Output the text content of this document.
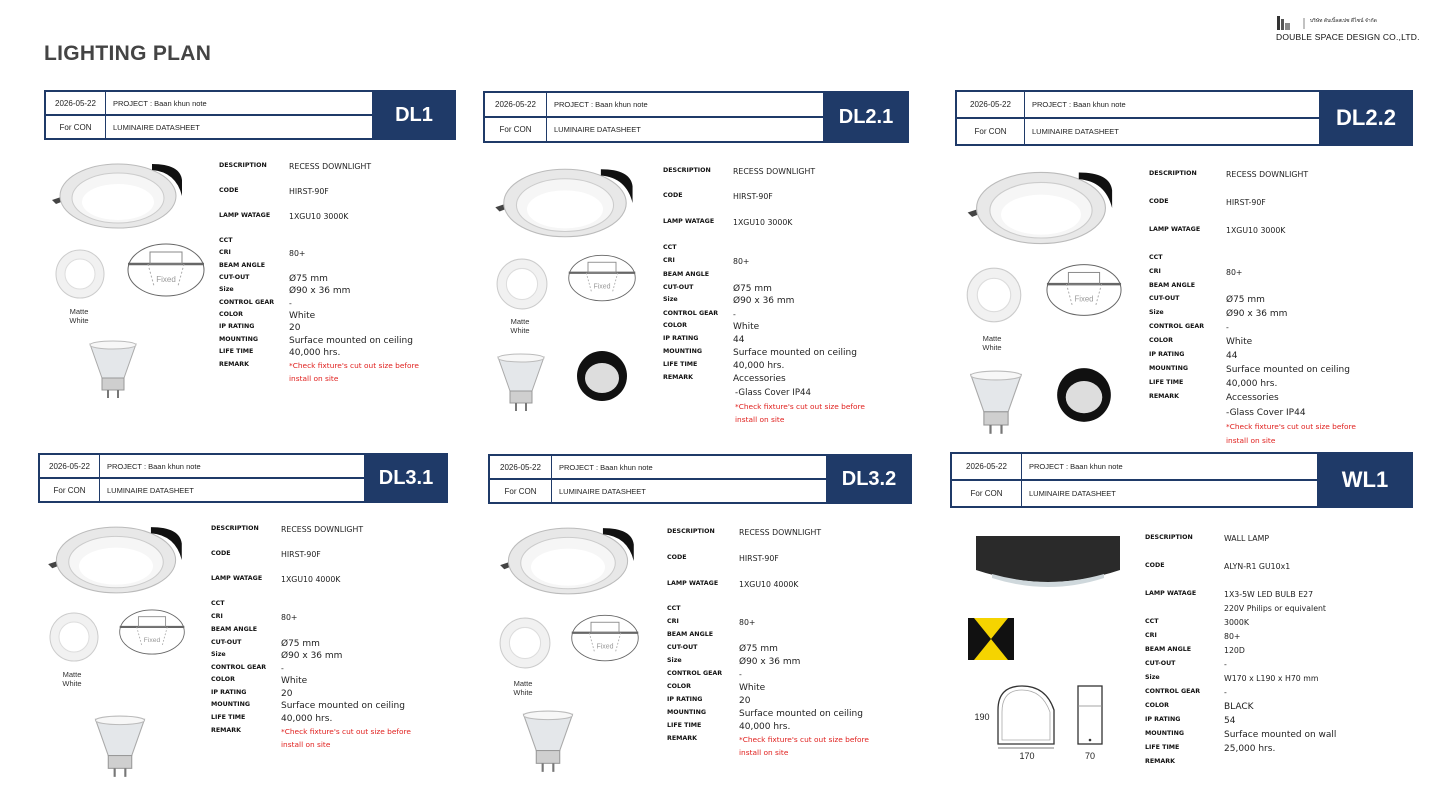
LIGHTING PLAN
บริษัท ดับเบิ้ลสเปซ ดีไซน์ จำกัด
DOUBLE SPACE DESIGN CO.,LTD.
2026-05-22	PROJECT : Baan khun note
For CON	LUMINAIRE DATASHEET
DL1
Matte
White
Fixed
DESCRIPTION	RECESS DOWNLIGHT
CODE	HIRST-90F
LAMP WATAGE	1XGU10 3000K
CCT
CRI	80+
BEAM ANGLE
CUT-OUT	Ø75 mm
Size	Ø90 x 36 mm
CONTROL GEAR	-
COLOR	White
IP RATING	20
MOUNTING	Surface mounted on ceiling
LIFE TIME	40,000 hrs.
REMARK	*Check fixture's cut out size before
install on site
2026-05-22	PROJECT : Baan khun note
For CON	LUMINAIRE DATASHEET
DL2.1
Matte
White
Fixed
DESCRIPTION	RECESS DOWNLIGHT
CODE	HIRST-90F
LAMP WATAGE	1XGU10 3000K
CCT
CRI	80+
BEAM ANGLE
CUT-OUT	Ø75 mm
Size	Ø90 x 36 mm
CONTROL GEAR	-
COLOR	White
IP RATING	44
MOUNTING	Surface mounted on ceiling
LIFE TIME	40,000 hrs.
REMARK	Accessories
-Glass Cover IP44
*Check fixture's cut out size before
install on site
2026-05-22	PROJECT : Baan khun note
For CON	LUMINAIRE DATASHEET
DL2.2
Matte
White
Fixed
DESCRIPTION	RECESS DOWNLIGHT
CODE	HIRST-90F
LAMP WATAGE	1XGU10 3000K
CCT
CRI	80+
BEAM ANGLE
CUT-OUT	Ø75 mm
Size	Ø90 x 36 mm
CONTROL GEAR	-
COLOR	White
IP RATING	44
MOUNTING	Surface mounted on ceiling
LIFE TIME	40,000 hrs.
REMARK	Accessories
-Glass Cover IP44
*Check fixture's cut out size before
install on site
2026-05-22	PROJECT : Baan khun note
For CON	LUMINAIRE DATASHEET
DL3.1
Matte
White
Fixed
DESCRIPTION	RECESS DOWNLIGHT
CODE	HIRST-90F
LAMP WATAGE	1XGU10 4000K
CCT
CRI	80+
BEAM ANGLE
CUT-OUT	Ø75 mm
Size	Ø90 x 36 mm
CONTROL GEAR	-
COLOR	White
IP RATING	20
MOUNTING	Surface mounted on ceiling
LIFE TIME	40,000 hrs.
REMARK	*Check fixture's cut out size before
install on site
2026-05-22	PROJECT : Baan khun note
For CON	LUMINAIRE DATASHEET
DL3.2
Matte
White
Fixed
DESCRIPTION	RECESS DOWNLIGHT
CODE	HIRST-90F
LAMP WATAGE	1XGU10 4000K
CCT
CRI	80+
BEAM ANGLE
CUT-OUT	Ø75 mm
Size	Ø90 x 36 mm
CONTROL GEAR	-
COLOR	White
IP RATING	20
MOUNTING	Surface mounted on ceiling
LIFE TIME	40,000 hrs.
REMARK	*Check fixture's cut out size before
install on site
2026-05-22	PROJECT : Baan khun note
For CON	LUMINAIRE DATASHEET
WL1
190
170	70
DESCRIPTION	WALL LAMP
CODE	ALYN-R1 GU10x1
LAMP WATAGE	1X3-5W LED BULB E27
220V Philips or equivalent
CCT	3000K
CRI	80+
BEAM ANGLE	120D
CUT-OUT	-
Size	W170 x L190 x H70 mm
CONTROL GEAR	-
COLOR	BLACK
IP RATING	54
MOUNTING	Surface mounted on wall
LIFE TIME	25,000 hrs.
REMARK
